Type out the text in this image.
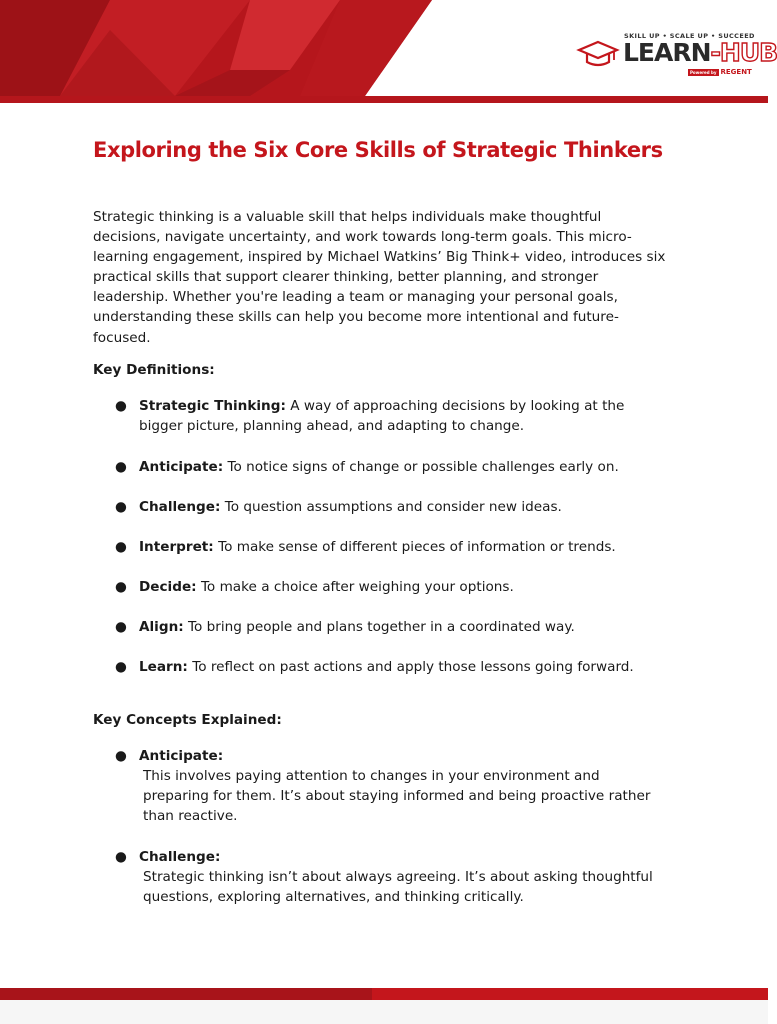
SKILL UP • SCALE UP • SUCCEED
LEARN-HUB
Powered by REGENT
Exploring the Six Core Skills of Strategic Thinkers

Strategic thinking is a valuable skill that helps individuals make thoughtful decisions, navigate uncertainty, and work towards long-term goals. This micro-learning engagement, inspired by Michael Watkins’ Big Think+ video, introduces six practical skills that support clearer thinking, better planning, and stronger leadership. Whether you're leading a team or managing your personal goals, understanding these skills can help you become more intentional and future-focused.

Key Definitions:
● Strategic Thinking: A way of approaching decisions by looking at the bigger picture, planning ahead, and adapting to change.
● Anticipate: To notice signs of change or possible challenges early on.
● Challenge: To question assumptions and consider new ideas.
● Interpret: To make sense of different pieces of information or trends.
● Decide: To make a choice after weighing your options.
● Align: To bring people and plans together in a coordinated way.
● Learn: To reflect on past actions and apply those lessons going forward.
Key Concepts Explained:
● Anticipate:
This involves paying attention to changes in your environment and preparing for them. It’s about staying informed and being proactive rather than reactive.
● Challenge:
Strategic thinking isn’t about always agreeing. It’s about asking thoughtful questions, exploring alternatives, and thinking critically.
